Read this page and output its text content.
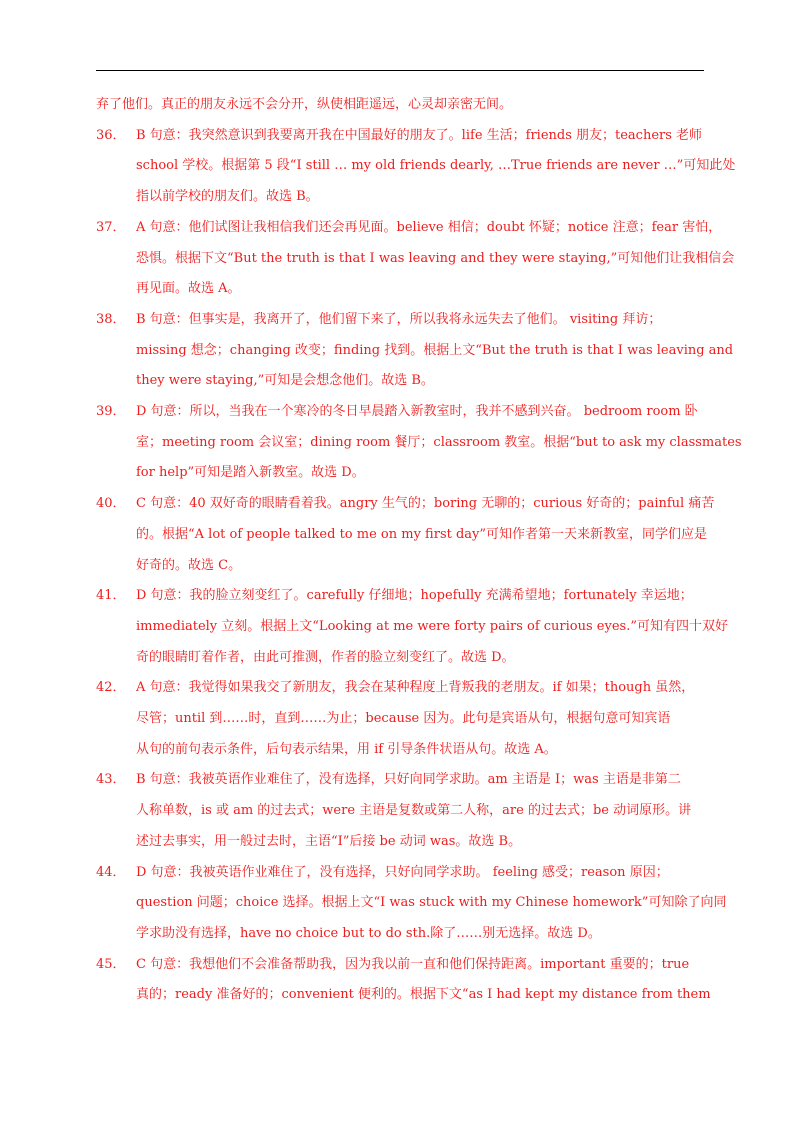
弃了他们。真正的朋友永远不会分开，纵使相距遥远，心灵却亲密无间。

36． B 句意：我突然意识到我要离开我在中国最好的朋友了。life 生活；friends 朋友；teachers 老师
school 学校。根据第 5 段“I still … my old friends dearly, …True friends are never …”可知此处
指以前学校的朋友们。故选 B。
37． A 句意：他们试图让我相信我们还会再见面。believe 相信；doubt 怀疑；notice 注意；fear 害怕，
恐惧。根据下文“But the truth is that I was leaving and they were staying,”可知他们让我相信会
再见面。故选 A。
38． B 句意：但事实是，我离开了，他们留下来了，所以我将永远失去了他们。 visiting 拜访；
missing 想念；changing 改变；finding 找到。根据上文“But the truth is that I was leaving and
they were staying,”可知是会想念他们。故选 B。
39． D 句意：所以，当我在一个寒冷的冬日早晨踏入新教室时，我并不感到兴奋。 bedroom room 卧
室；meeting room 会议室；dining room 餐厅；classroom 教室。根据“but to ask my classmates
for help”可知是踏入新教室。故选 D。
40． C 句意：40 双好奇的眼睛看着我。angry 生气的；boring 无聊的；curious 好奇的；painful 痛苦
的。根据“A lot of people talked to me on my first day”可知作者第一天来新教室，同学们应是
好奇的。故选 C。
41． D 句意：我的脸立刻变红了。carefully 仔细地；hopefully 充满希望地；fortunately 幸运地；
immediately 立刻。根据上文“Looking at me were forty pairs of curious eyes.”可知有四十双好
奇的眼睛盯着作者，由此可推测，作者的脸立刻变红了。故选 D。
42． A 句意：我觉得如果我交了新朋友，我会在某种程度上背叛我的老朋友。if 如果；though 虽然，
尽管；until 到……时，直到……为止；because 因为。此句是宾语从句，根据句意可知宾语
从句的前句表示条件，后句表示结果，用 if 引导条件状语从句。故选 A。
43． B 句意：我被英语作业难住了，没有选择，只好向同学求助。am 主语是 I；was 主语是非第二
人称单数，is 或 am 的过去式；were 主语是复数或第二人称，are 的过去式；be 动词原形。讲
述过去事实，用一般过去时，主语“I”后接 be 动词 was。故选 B。
44． D 句意：我被英语作业难住了，没有选择，只好向同学求助。 feeling 感受；reason 原因；
question 问题；choice 选择。根据上文“I was stuck with my Chinese homework”可知除了向同
学求助没有选择，have no choice but to do sth.除了……别无选择。故选 D。
45． C 句意：我想他们不会准备帮助我，因为我以前一直和他们保持距离。important 重要的；true
真的；ready 准备好的；convenient 便利的。根据下文“as I had kept my distance from them
